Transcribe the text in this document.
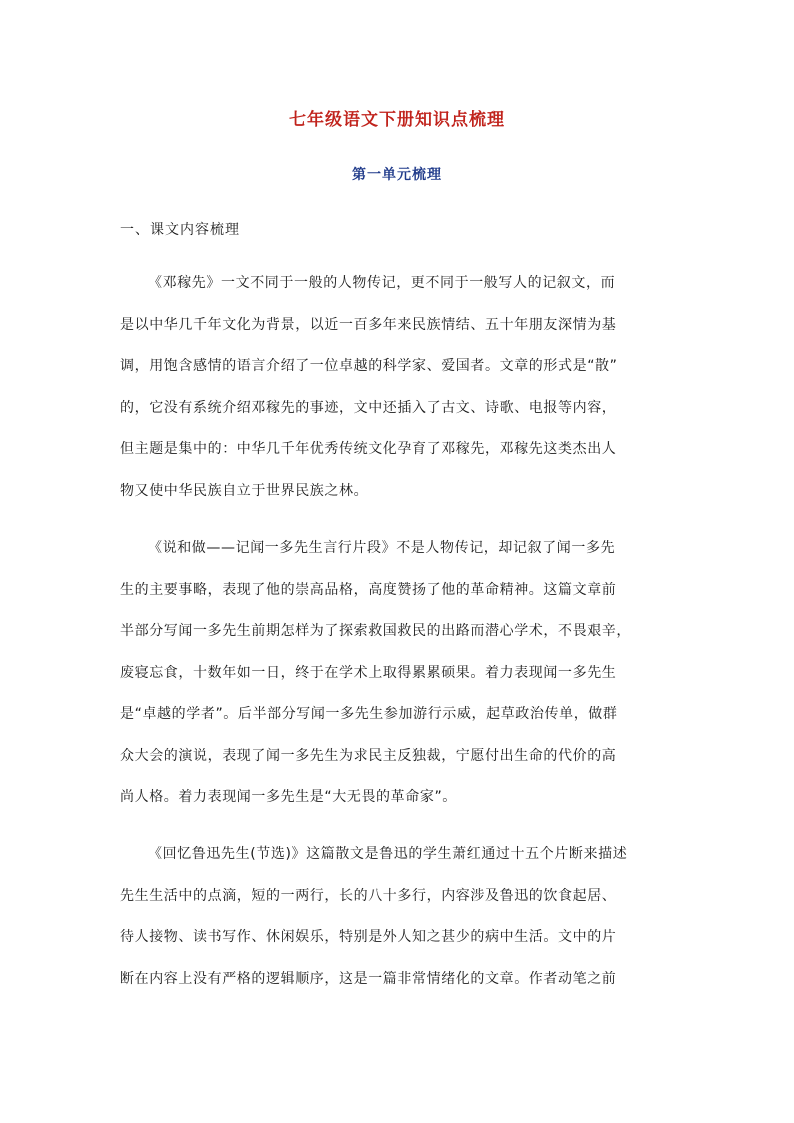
七年级语文下册知识点梳理
第一单元梳理
一、课文内容梳理
《邓稼先》一文不同于一般的人物传记，更不同于一般写人的记叙文，而
是以中华几千年文化为背景，以近一百多年来民族情结、五十年朋友深情为基
调，用饱含感情的语言介绍了一位卓越的科学家、爱国者。文章的形式是“散”
的，它没有系统介绍邓稼先的事迹，文中还插入了古文、诗歌、电报等内容，
但主题是集中的：中华几千年优秀传统文化孕育了邓稼先，邓稼先这类杰出人
物又使中华民族自立于世界民族之林。
《说和做——记闻一多先生言行片段》不是人物传记，却记叙了闻一多先
生的主要事略，表现了他的崇高品格，高度赞扬了他的革命精神。这篇文章前
半部分写闻一多先生前期怎样为了探索救国救民的出路而潜心学术，不畏艰辛，
废寝忘食，十数年如一日，终于在学术上取得累累硕果。着力表现闻一多先生
是“卓越的学者”。后半部分写闻一多先生参加游行示威，起草政治传单，做群
众大会的演说，表现了闻一多先生为求民主反独裁，宁愿付出生命的代价的高
尚人格。着力表现闻一多先生是“大无畏的革命家”。
《回忆鲁迅先生(节选)》这篇散文是鲁迅的学生萧红通过十五个片断来描述
先生生活中的点滴，短的一两行，长的八十多行，内容涉及鲁迅的饮食起居、
待人接物、读书写作、休闲娱乐，特别是外人知之甚少的病中生活。文中的片
断在内容上没有严格的逻辑顺序，这是一篇非常情绪化的文章。作者动笔之前
